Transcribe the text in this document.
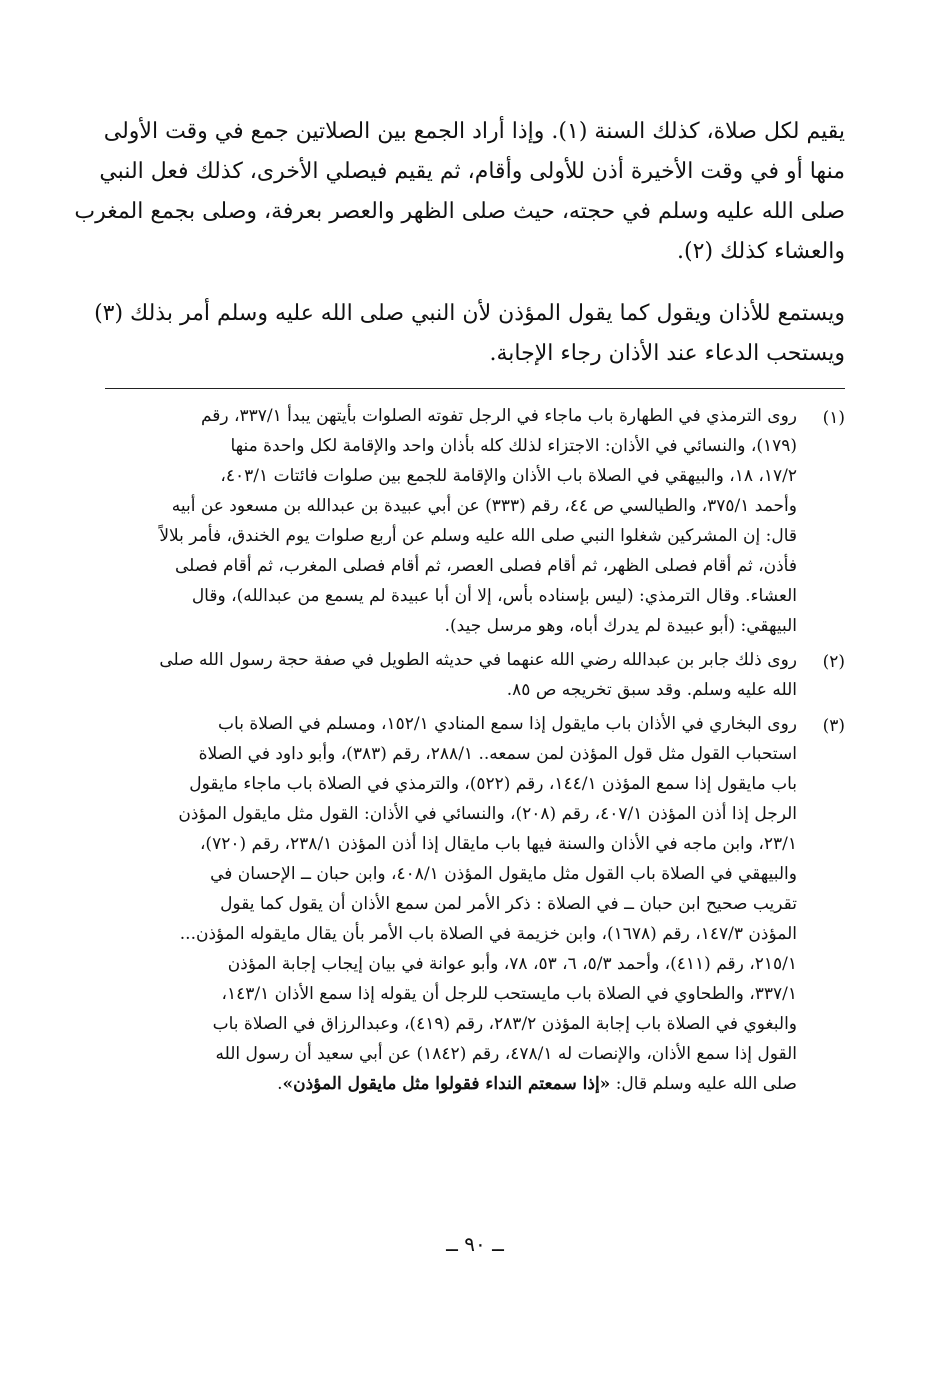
يقيم لكل صلاة، كذلك السنة (١). وإذا أراد الجمع بين الصلاتين جمع في وقت الأولى
منها أو في وقت الأخيرة أذن للأولى وأقام، ثم يقيم فيصلي الأخرى، كذلك فعل النبي
صلى الله عليه وسلم في حجته، حيث صلى الظهر والعصر بعرفة، وصلى بجمع المغرب
والعشاء كذلك (٢).
ويستمع للأذان ويقول كما يقول المؤذن لأن النبي صلى الله عليه وسلم أمر بذلك (٣)
ويستحب الدعاء عند الأذان رجاء الإجابة.
(١)
روى الترمذي في الطهارة باب ماجاء في الرجل تفوته الصلوات بأيتهن يبدأ ٣٣٧/١، رقم
(١٧٩)، والنسائي في الأذان: الاجتزاء لذلك كله بأذان واحد والإقامة لكل واحدة منها
١٧/٢، ١٨، والبيهقي في الصلاة باب الأذان والإقامة للجمع بين صلوات فائتات ٤٠٣/١،
وأحمد ٣٧٥/١، والطيالسي ص ٤٤، رقم (٣٣٣) عن أبي عبيدة بن عبدالله بن مسعود عن أبيه
قال: إن المشركين شغلوا النبي صلى الله عليه وسلم عن أربع صلوات يوم الخندق، فأمر بلالاً
فأذن، ثم أقام فصلى الظهر، ثم أقام فصلى العصر، ثم أقام فصلى المغرب، ثم أقام فصلى
العشاء. وقال الترمذي: (ليس بإسناده بأس، إلا أن أبا عبيدة لم يسمع من عبدالله)، وقال
البيهقي: (أبو عبيدة لم يدرك أباه، وهو مرسل جيد).
(٢)
روى ذلك جابر بن عبدالله رضي الله عنهما في حديثه الطويل في صفة حجة رسول الله صلى
الله عليه وسلم. وقد سبق تخريجه ص ٨٥.
(٣)
روى البخاري في الأذان باب مايقول إذا سمع المنادي ١٥٢/١، ومسلم في الصلاة باب
استحباب القول مثل قول المؤذن لمن سمعه.. ٢٨٨/١، رقم (٣٨٣)، وأبو داود في الصلاة
باب مايقول إذا سمع المؤذن ١٤٤/١، رقم (٥٢٢)، والترمذي في الصلاة باب ماجاء مايقول
الرجل إذا أذن المؤذن ٤٠٧/١، رقم (٢٠٨)، والنسائي في الأذان: القول مثل مايقول المؤذن
٢٣/١، وابن ماجه في الأذان والسنة فيها باب مايقال إذا أذن المؤذن ٢٣٨/١، رقم (٧٢٠)،
والبيهقي في الصلاة باب القول مثل مايقول المؤذن ٤٠٨/١، وابن حبان ــ الإحسان في
تقريب صحيح ابن حبان ــ في الصلاة : ذكر الأمر لمن سمع الأذان أن يقول كما يقول
المؤذن ١٤٧/٣، رقم (١٦٧٨)، وابن خزيمة في الصلاة باب الأمر بأن يقال مايقوله المؤذن...
٢١٥/١، رقم (٤١١)، وأحمد ٥/٣، ٦، ٥٣، ٧٨، وأبو عوانة في بيان إيجاب إجابة المؤذن
٣٣٧/١، والطحاوي في الصلاة باب مايستحب للرجل أن يقوله إذا سمع الأذان ١٤٣/١،
والبغوي في الصلاة باب إجابة المؤذن ٢٨٣/٢، رقم (٤١٩)، وعبدالرزاق في الصلاة باب
القول إذا سمع الأذان، والإنصات له ٤٧٨/١، رقم (١٨٤٢) عن أبي سعيد أن رسول الله
صلى الله عليه وسلم قال: «إذا سمعتم النداء فقولوا مثل مايقول المؤذن».
ــ ٩٠ ــ
